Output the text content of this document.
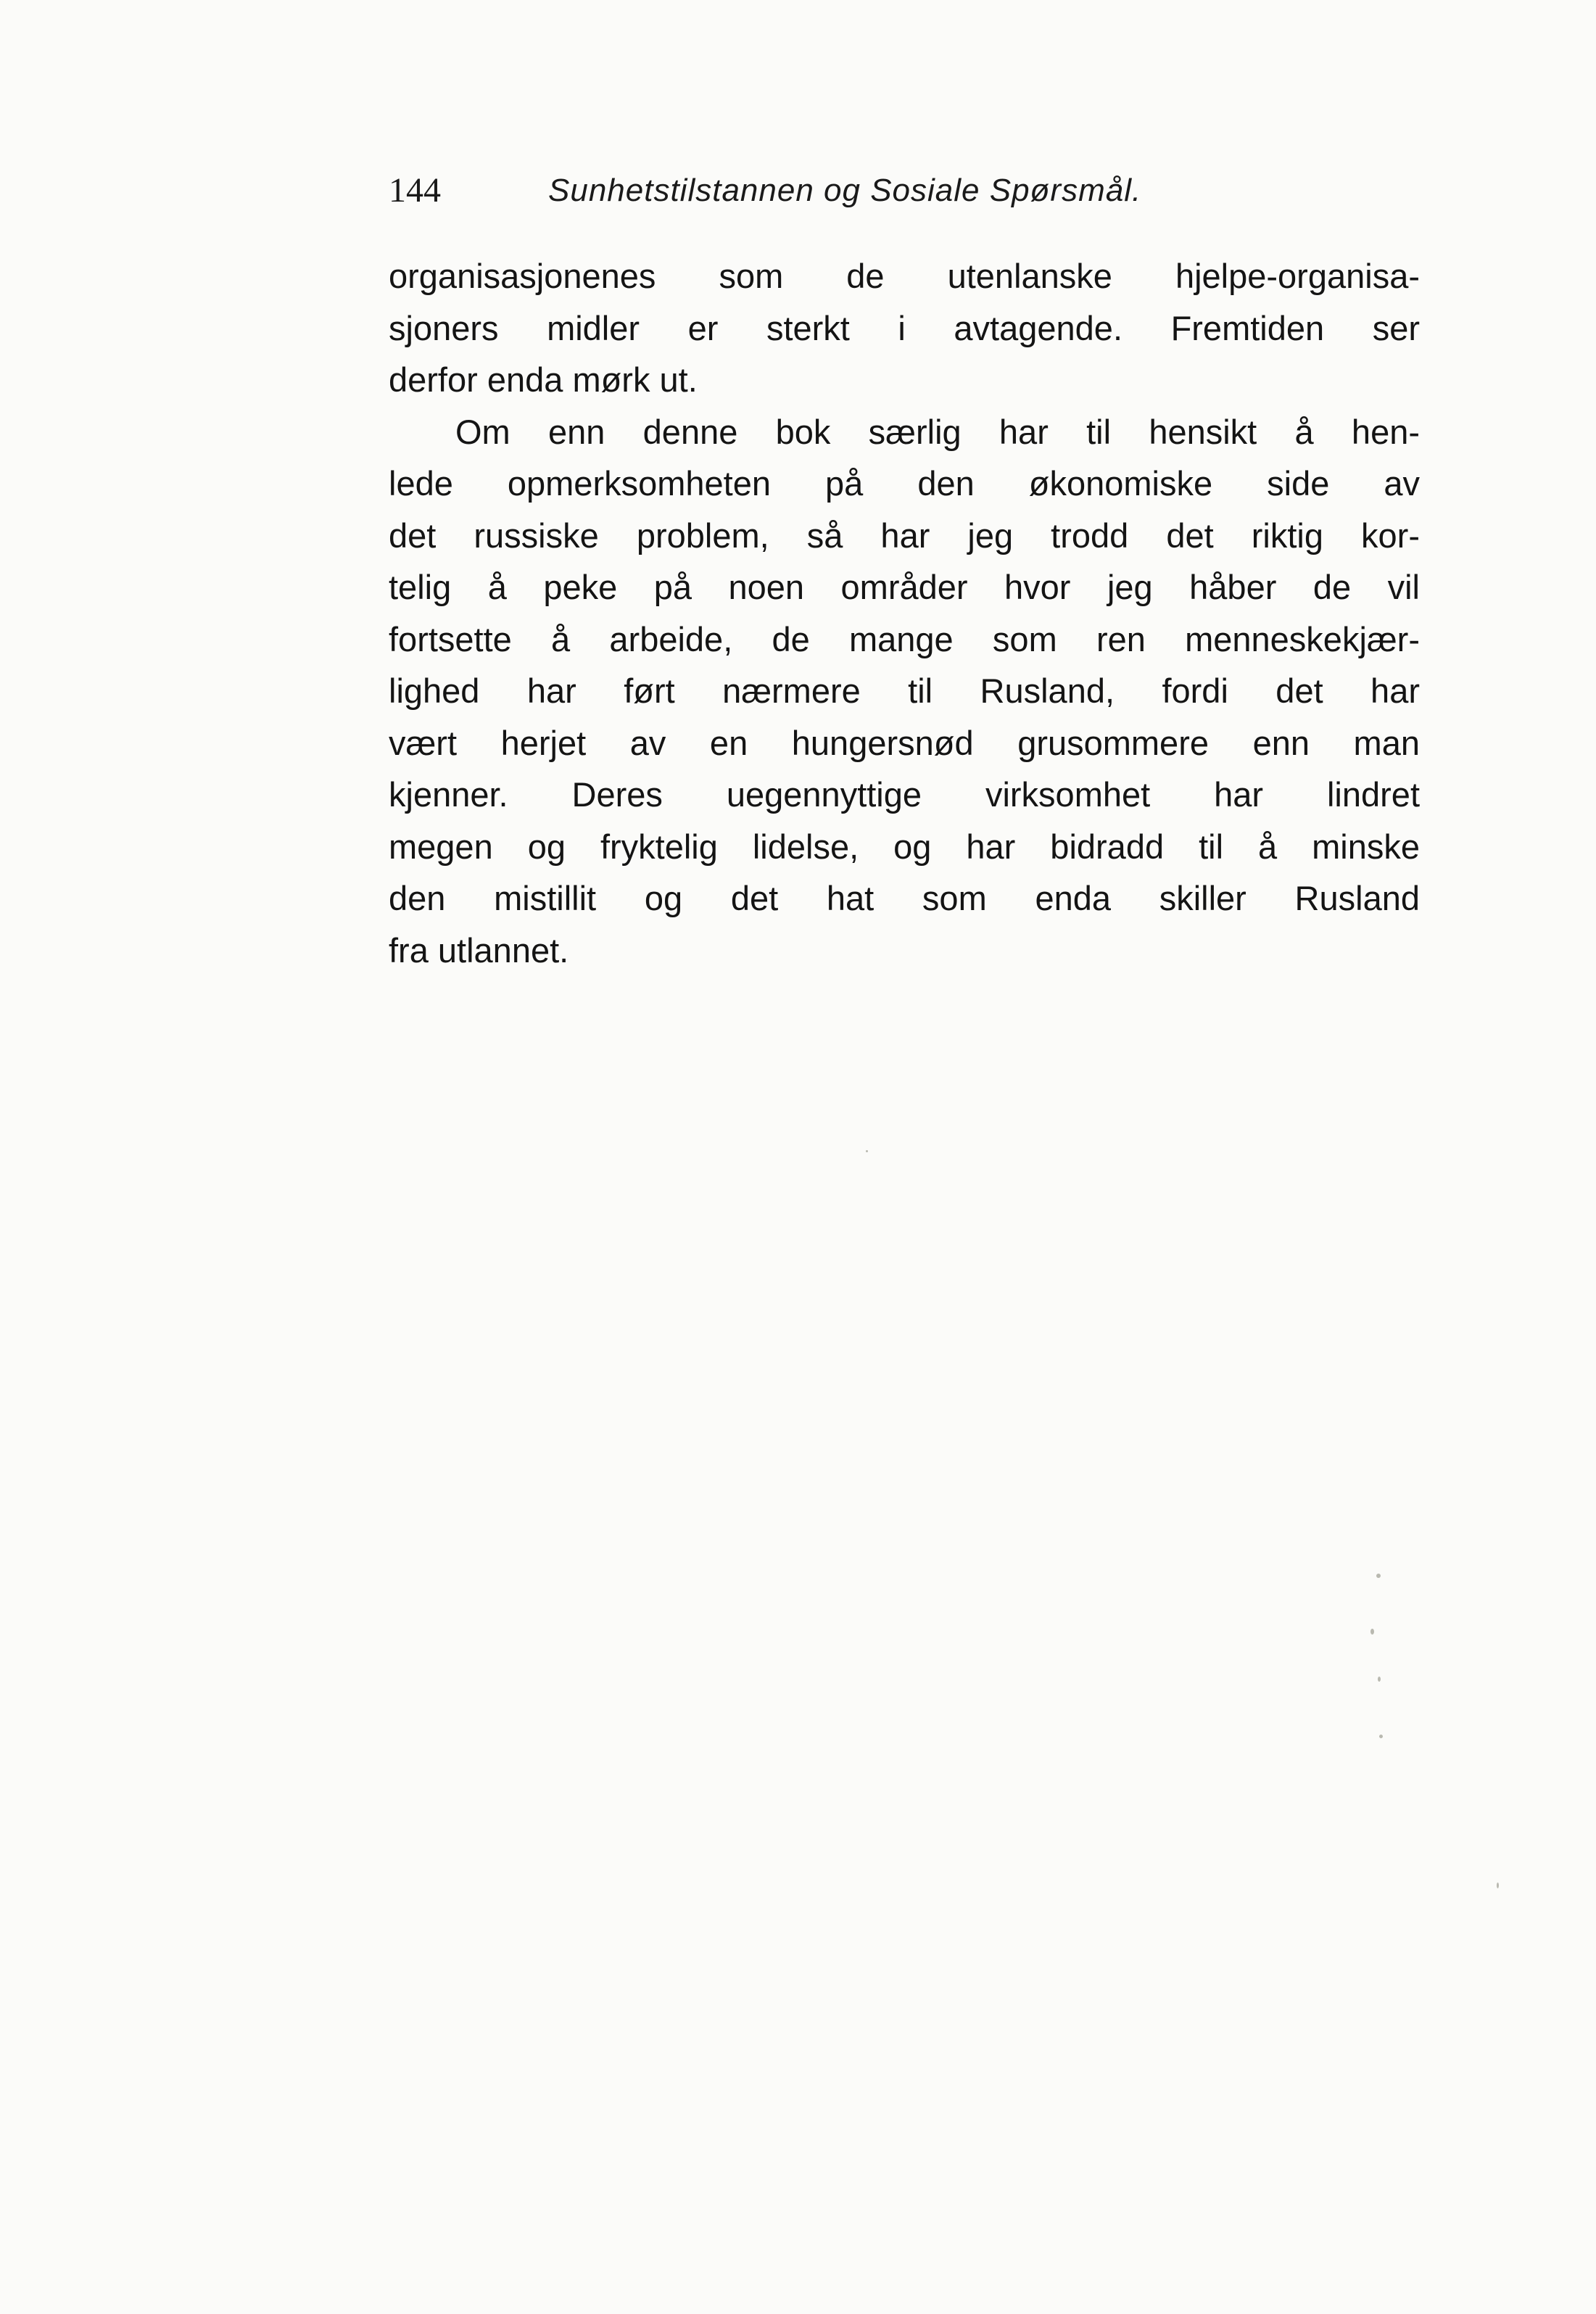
144	Sunhetstilstannen og Sosiale Spørsmål.
organisasjonenes som de utenlanske hjelpe-organisa-
sjoners midler er sterkt i avtagende. Fremtiden ser
derfor enda mørk ut.
Om enn denne bok særlig har til hensikt å hen-
lede opmerksomheten på den økonomiske side av
det russiske problem, så har jeg trodd det riktig kor-
telig å peke på noen områder hvor jeg håber de vil
fortsette å arbeide, de mange som ren menneskekjær-
lighed har ført nærmere til Rusland, fordi det har
vært herjet av en hungersnød grusommere enn man
kjenner. Deres uegennyttige virksomhet har lindret
megen og fryktelig lidelse, og har bidradd til å minske
den mistillit og det hat som enda skiller Rusland
fra utlannet.
